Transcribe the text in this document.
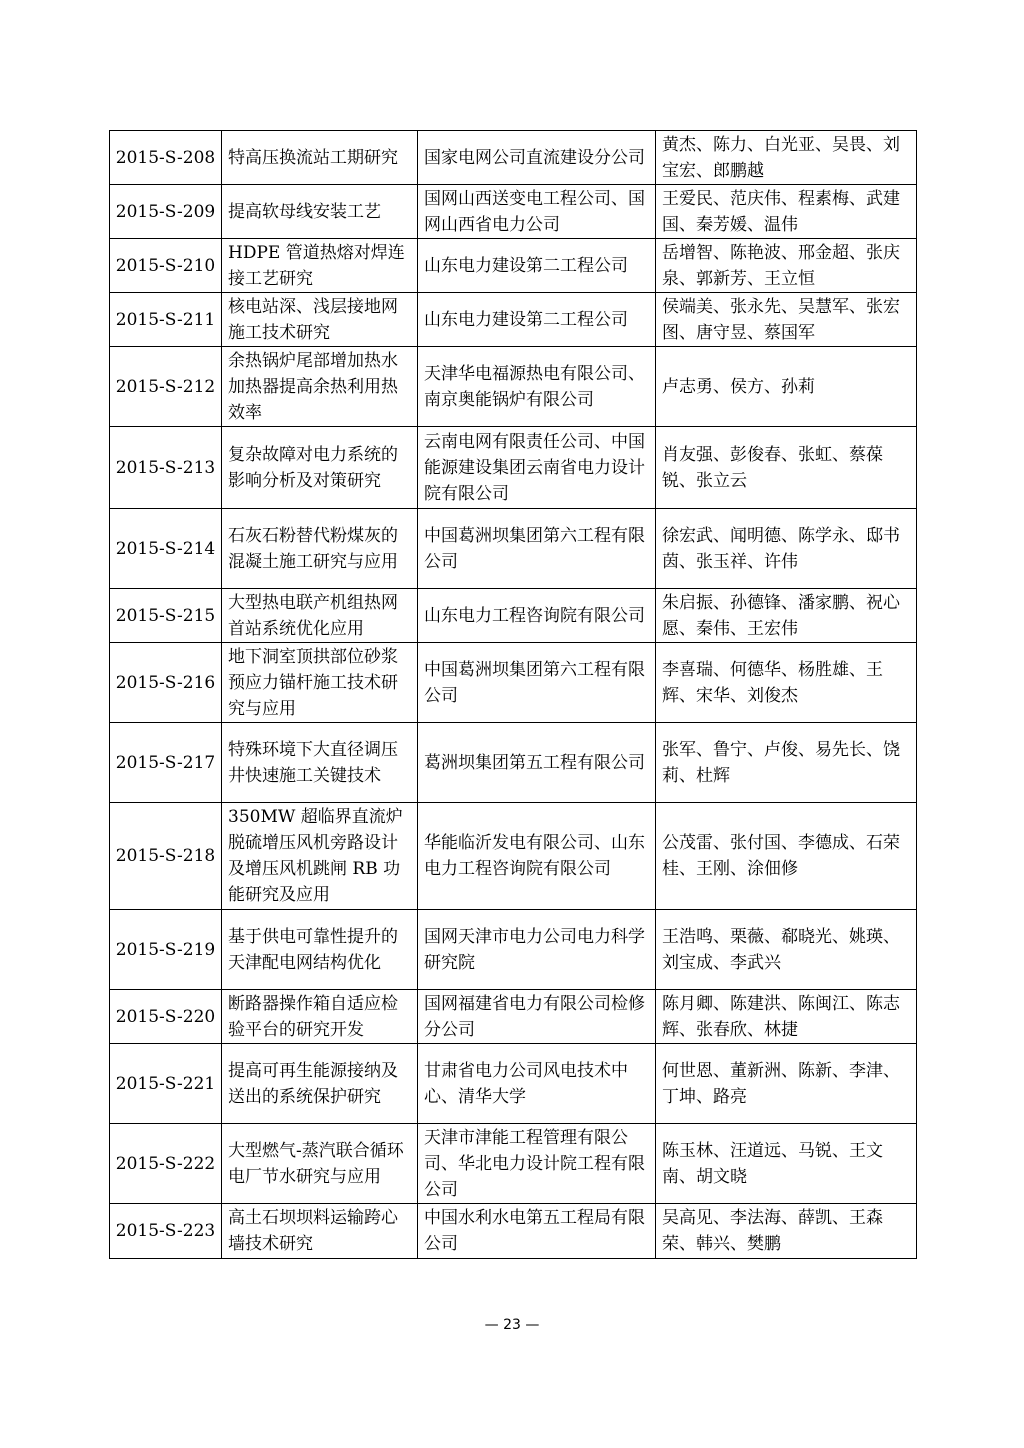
2015-S-208	特高压换流站工期研究	国家电网公司直流建设分公司	黄杰、陈力、白光亚、吴畏、刘宝宏、郎鹏越
2015-S-209	提高软母线安装工艺	国网山西送变电工程公司、国网山西省电力公司	王爱民、范庆伟、程素梅、武建国、秦芳媛、温伟
2015-S-210	HDPE 管道热熔对焊连接工艺研究	山东电力建设第二工程公司	岳增智、陈艳波、邢金超、张庆泉、郭新芳、王立恒
2015-S-211	核电站深、浅层接地网施工技术研究	山东电力建设第二工程公司	侯端美、张永先、吴慧军、张宏图、唐守昱、蔡国军
2015-S-212	余热锅炉尾部增加热水加热器提高余热利用热效率	天津华电福源热电有限公司、南京奥能锅炉有限公司	卢志勇、侯方、孙莉
2015-S-213	复杂故障对电力系统的影响分析及对策研究	云南电网有限责任公司、中国能源建设集团云南省电力设计院有限公司	肖友强、彭俊春、张虹、蔡葆锐、张立云
2015-S-214	石灰石粉替代粉煤灰的混凝土施工研究与应用	中国葛洲坝集团第六工程有限公司	徐宏武、闻明德、陈学永、邸书茵、张玉祥、许伟
2015-S-215	大型热电联产机组热网首站系统优化应用	山东电力工程咨询院有限公司	朱启振、孙德锋、潘家鹏、祝心愿、秦伟、王宏伟
2015-S-216	地下洞室顶拱部位砂浆预应力锚杆施工技术研究与应用	中国葛洲坝集团第六工程有限公司	李喜瑞、何德华、杨胜雄、王辉、宋华、刘俊杰
2015-S-217	特殊环境下大直径调压井快速施工关键技术	葛洲坝集团第五工程有限公司	张军、鲁宁、卢俊、易先长、饶莉、杜辉
2015-S-218	350MW 超临界直流炉脱硫增压风机旁路设计及增压风机跳闸 RB 功能研究及应用	华能临沂发电有限公司、山东电力工程咨询院有限公司	公茂雷、张付国、李德成、石荣桂、王刚、涂佃修
2015-S-219	基于供电可靠性提升的天津配电网结构优化	国网天津市电力公司电力科学研究院	王浩鸣、栗薇、郗晓光、姚瑛、刘宝成、李武兴
2015-S-220	断路器操作箱自适应检验平台的研究开发	国网福建省电力有限公司检修分公司	陈月卿、陈建洪、陈闽江、陈志辉、张春欣、林捷
2015-S-221	提高可再生能源接纳及送出的系统保护研究	甘肃省电力公司风电技术中心、清华大学	何世恩、董新洲、陈新、李津、丁坤、路亮
2015-S-222	大型燃气-蒸汽联合循环电厂节水研究与应用	天津市津能工程管理有限公司、华北电力设计院工程有限公司	陈玉林、汪道远、马锐、王文南、胡文晓
2015-S-223	高土石坝坝料运输跨心墙技术研究	中国水利水电第五工程局有限公司	吴高见、李法海、薛凯、王森荣、韩兴、樊鹏
— 23 —
